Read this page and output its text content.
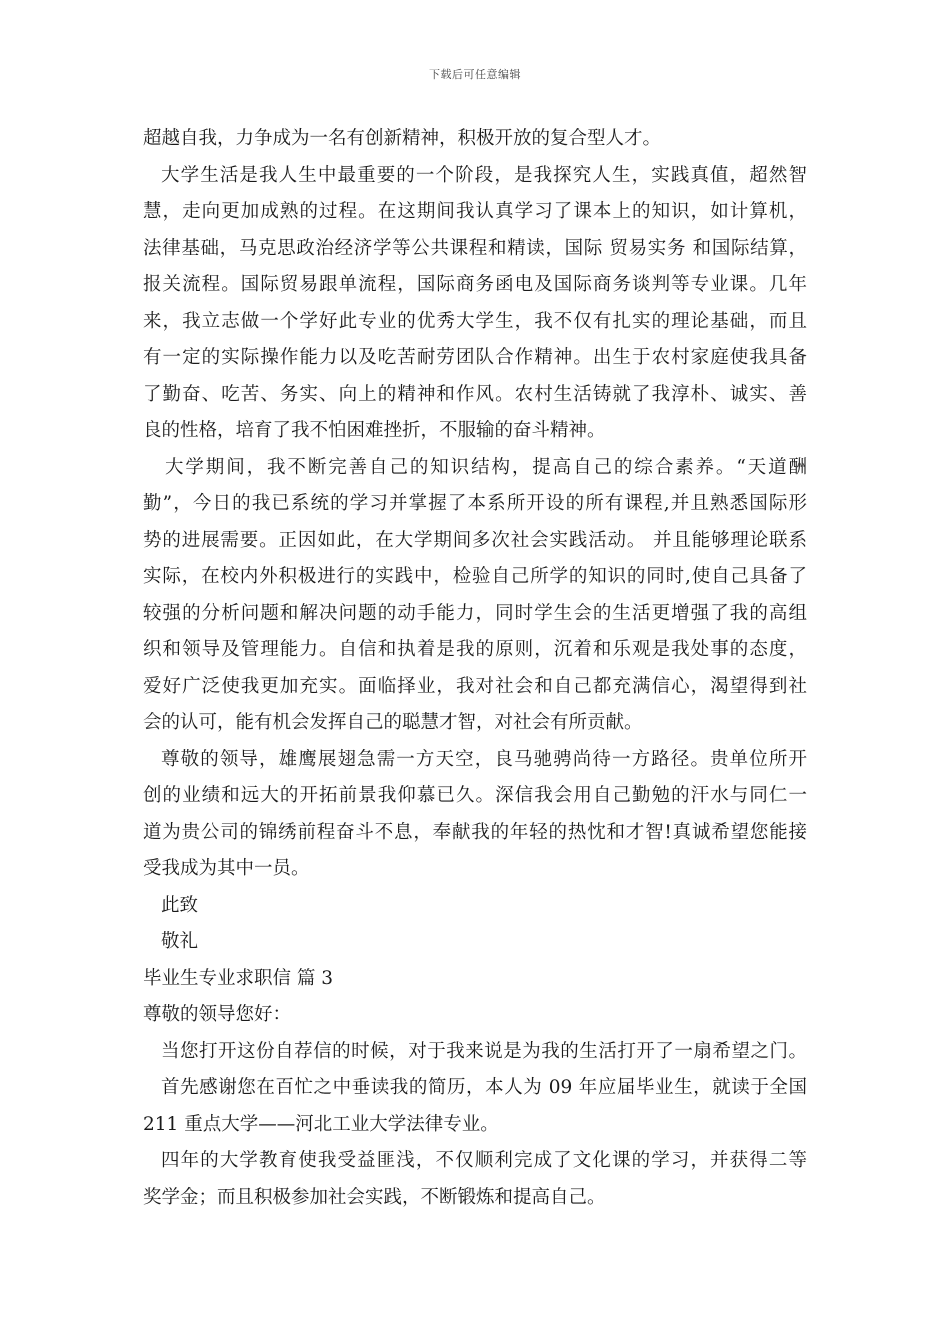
下载后可任意编辑
超越自我，力争成为一名有创新精神，积极开放的复合型人才。
大学生活是我人生中最重要的一个阶段，是我探究人生，实践真值，超然智
慧，走向更加成熟的过程。在这期间我认真学习了课本上的知识，如计算机，
法律基础，马克思政治经济学等公共课程和精读，国际 贸易实务 和国际结算，
报关流程。国际贸易跟单流程，国际商务函电及国际商务谈判等专业课。几年
来，我立志做一个学好此专业的优秀大学生，我不仅有扎实的理论基础，而且
有一定的实际操作能力以及吃苦耐劳团队合作精神。出生于农村家庭使我具备
了勤奋、吃苦、务实、向上的精神和作风。农村生活铸就了我淳朴、诚实、善
良的性格，培育了我不怕困难挫折，不服输的奋斗精神。
大学期间，我不断完善自己的知识结构，提高自己的综合素养。“天道酬
勤”，今日的我已系统的学习并掌握了本系所开设的所有课程,并且熟悉国际形
势的进展需要。正因如此，在大学期间多次社会实践活动。 并且能够理论联系
实际，在校内外积极进行的实践中，检验自己所学的知识的同时,使自己具备了
较强的分析问题和解决问题的动手能力，同时学生会的生活更增强了我的高组
织和领导及管理能力。自信和执着是我的原则，沉着和乐观是我处事的态度，
爱好广泛使我更加充实。面临择业，我对社会和自己都充满信心，渴望得到社
会的认可，能有机会发挥自己的聪慧才智，对社会有所贡献。
尊敬的领导，雄鹰展翅急需一方天空，良马驰骋尚待一方路径。贵单位所开
创的业绩和远大的开拓前景我仰慕已久。深信我会用自己勤勉的汗水与同仁一
道为贵公司的锦绣前程奋斗不息，奉献我的年轻的热忱和才智!真诚希望您能接
受我成为其中一员。
此致
敬礼
毕业生专业求职信 篇 3
尊敬的领导您好：
当您打开这份自荐信的时候，对于我来说是为我的生活打开了一扇希望之门。
首先感谢您在百忙之中垂读我的简历，本人为 09 年应届毕业生，就读于全国
211 重点大学——河北工业大学法律专业。
四年的大学教育使我受益匪浅，不仅顺利完成了文化课的学习，并获得二等
奖学金；而且积极参加社会实践，不断锻炼和提高自己。
